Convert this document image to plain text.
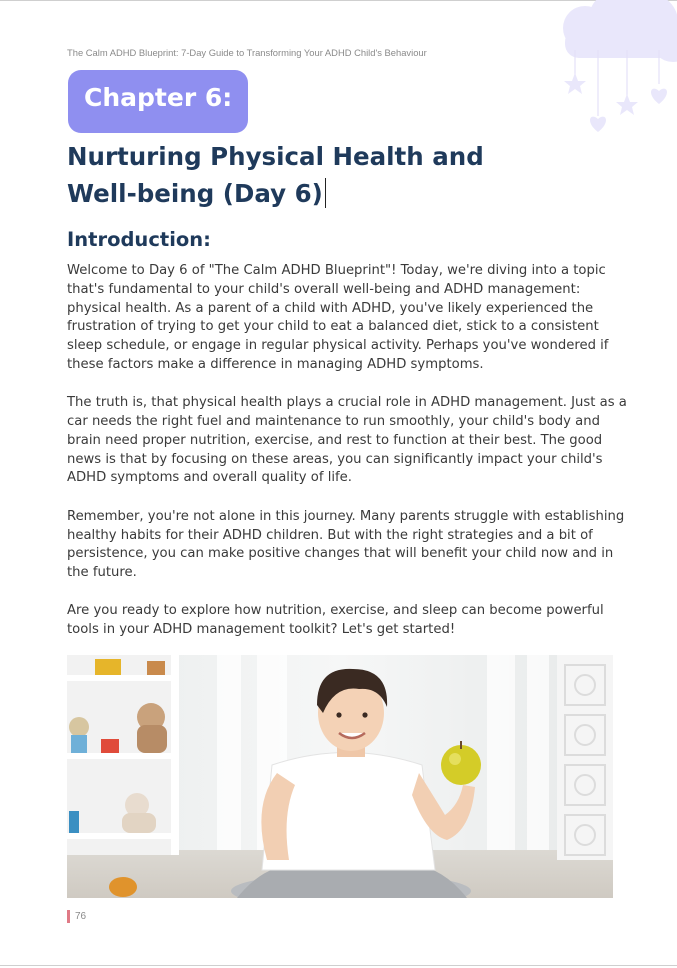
The Calm ADHD Blueprint: 7-Day Guide to Transforming Your ADHD Child's Behaviour
Chapter 6:
Nurturing Physical Health and
Well-being (Day 6)
Introduction:

Welcome to Day 6 of "The Calm ADHD Blueprint"! Today, we're diving into a topic that's fundamental to your child's overall well-being and ADHD management: physical health. As a parent of a child with ADHD, you've likely experienced the frustration of trying to get your child to eat a balanced diet, stick to a consistent sleep schedule, or engage in regular physical activity. Perhaps you've wondered if these factors make a difference in managing ADHD symptoms.

The truth is, that physical health plays a crucial role in ADHD management. Just as a car needs the right fuel and maintenance to run smoothly, your child's body and brain need proper nutrition, exercise, and rest to function at their best. The good news is that by focusing on these areas, you can significantly impact your child's ADHD symptoms and overall quality of life.

Remember, you're not alone in this journey. Many parents struggle with establishing healthy habits for their ADHD children. But with the right strategies and a bit of persistence, you can make positive changes that will benefit your child now and in the future.

Are you ready to explore how nutrition, exercise, and sleep can become powerful tools in your ADHD management toolkit? Let's get started!

76
